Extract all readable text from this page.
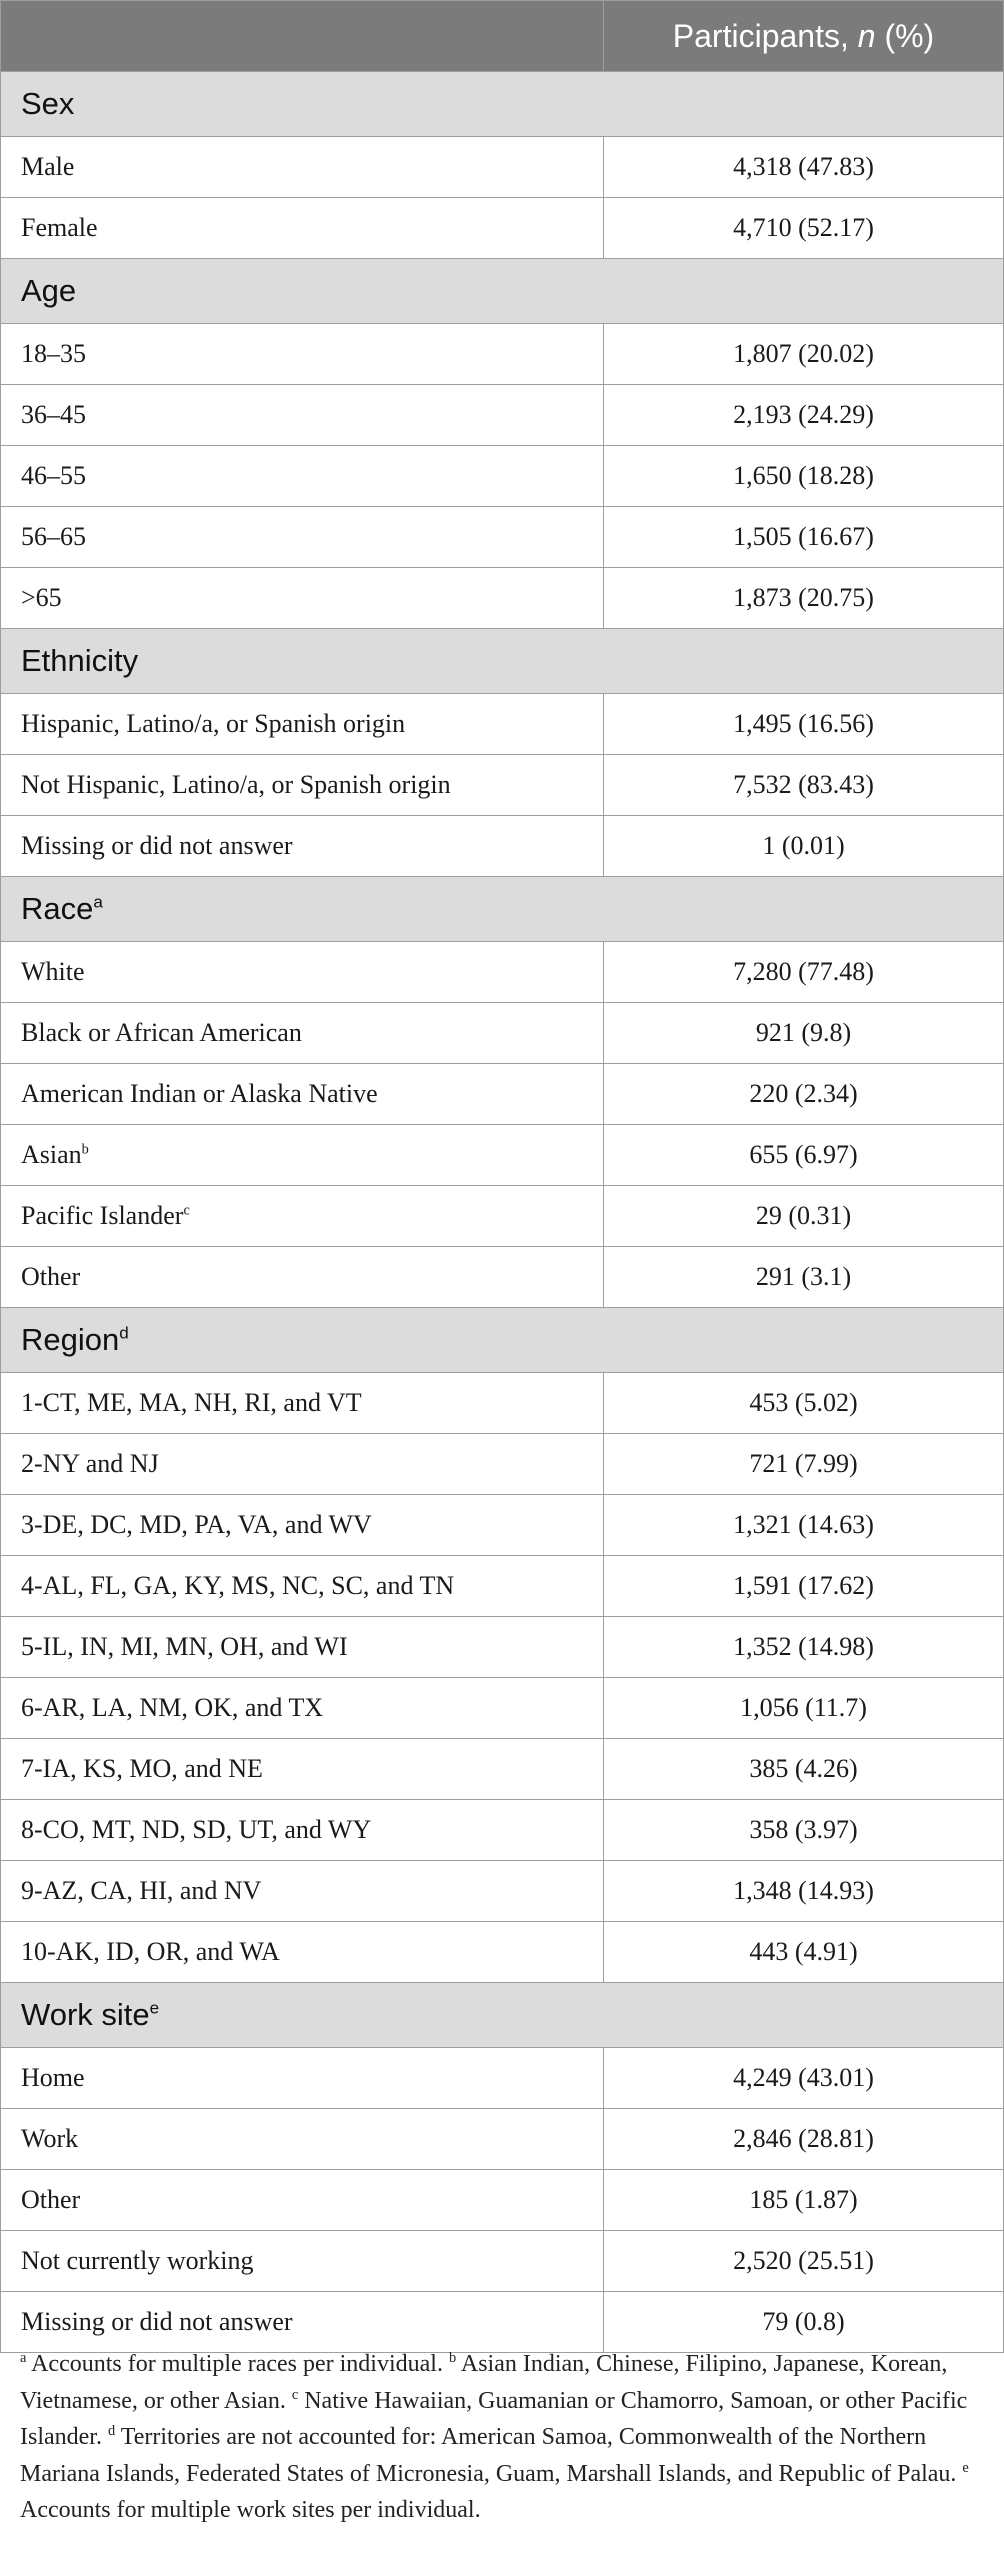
	Participants, n (%)
Sex	
Male	4,318 (47.83)
Female	4,710 (52.17)
Age	
18–35	1,807 (20.02)
36–45	2,193 (24.29)
46–55	1,650 (18.28)
56–65	1,505 (16.67)
>65	1,873 (20.75)
Ethnicity	
Hispanic, Latino/a, or Spanish origin	1,495 (16.56)
Not Hispanic, Latino/a, or Spanish origin	7,532 (83.43)
Missing or did not answer	1 (0.01)
Race$^a$
White	7,280 (77.48)
Black or African American	921 (9.8)
American Indian or Alaska Native	220 (2.34)
Asian$^b$	655 (6.97)
Pacific Islander$^c$	29 (0.31)
Other	291 (3.1)
Region$^d$
1-CT, ME, MA, NH, RI, and VT	453 (5.02)
2-NY and NJ	721 (7.99)
3-DE, DC, MD, PA, VA, and WV	1,321 (14.63)
4-AL, FL, GA, KY, MS, NC, SC, and TN	1,591 (17.62)
5-IL, IN, MI, MN, OH, and WI	1,352 (14.98)
6-AR, LA, NM, OK, and TX	1,056 (11.7)
7-IA, KS, MO, and NE	385 (4.26)
8-CO, MT, ND, SD, UT, and WY	358 (3.97)
9-AZ, CA, HI, and NV	1,348 (14.93)
10-AK, ID, OR, and WA	443 (4.91)
Work site$^e$
Home	4,249 (43.01)
Work	2,846 (28.81)
Other	185 (1.87)
Not currently working	2,520 (25.51)
Missing or did not answer	79 (0.8)
$^a$ Accounts for multiple races per individual. $^b$ Asian Indian, Chinese, Filipino, Japanese, Korean, Vietnamese, or other Asian. $^c$ Native Hawaiian, Guamanian or Chamorro, Samoan, or other Pacific Islander. $^d$ Territories are not accounted for: American Samoa, Commonwealth of the Northern Mariana Islands, Federated States of Micronesia, Guam, Marshall Islands, and Republic of Palau. $^e$ Accounts for multiple work sites per individual.
